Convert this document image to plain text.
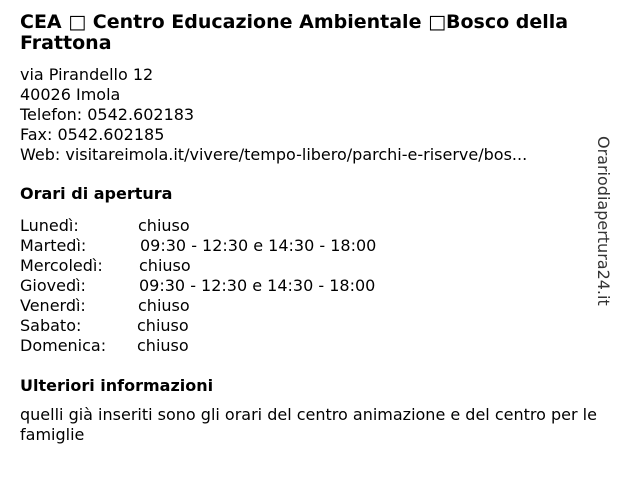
CEA □ Centro Educazione Ambientale □Bosco della Frattona
via Pirandello 12
40026 Imola
Telefon: 0542.602183
Fax: 0542.602185
Web: visitareimola.it/vivere/tempo-libero/parchi-e-riserve/bos...
Orari di apertura
Lunedì:	chiuso
Martedì:	09:30 - 12:30 e 14:30 - 18:00
Mercoledì: chiuso
Giovedì:	09:30 - 12:30 e 14:30 - 18:00
Venerdì:	chiuso
Sabato:	chiuso
Domenica: chiuso
Ulteriori informazioni
quelli già inseriti sono gli orari del centro animazione e del centro per le famiglie
Orariodiapertura24.it
